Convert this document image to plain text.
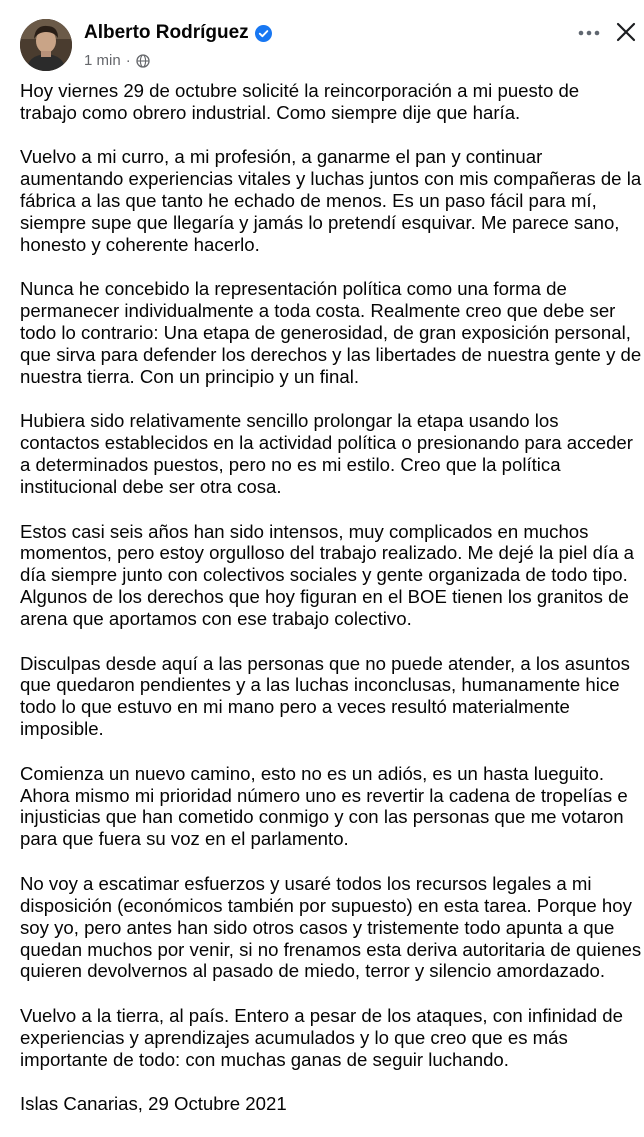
Alberto Rodríguez
1 min ·

Hoy viernes 29 de octubre solicité la reincorporación a mi puesto de
trabajo como obrero industrial. Como siempre dije que haría.

Vuelvo a mi curro, a mi profesión, a ganarme el pan y continuar
aumentando experiencias vitales y luchas juntos con mis compañeras de la
fábrica a las que tanto he echado de menos. Es un paso fácil para mí,
siempre supe que llegaría y jamás lo pretendí esquivar. Me parece sano,
honesto y coherente hacerlo.

Nunca he concebido la representación política como una forma de
permanecer individualmente a toda costa. Realmente creo que debe ser
todo lo contrario: Una etapa de generosidad, de gran exposición personal,
que sirva para defender los derechos y las libertades de nuestra gente y de
nuestra tierra. Con un principio y un final.

Hubiera sido relativamente sencillo prolongar la etapa usando los
contactos establecidos en la actividad política o presionando para acceder
a determinados puestos, pero no es mi estilo. Creo que la política
institucional debe ser otra cosa.

Estos casi seis años han sido intensos, muy complicados en muchos
momentos, pero estoy orgulloso del trabajo realizado. Me dejé la piel día a
día siempre junto con colectivos sociales y gente organizada de todo tipo.
Algunos de los derechos que hoy figuran en el BOE tienen los granitos de
arena que aportamos con ese trabajo colectivo.

Disculpas desde aquí a las personas que no puede atender, a los asuntos
que quedaron pendientes y a las luchas inconclusas, humanamente hice
todo lo que estuvo en mi mano pero a veces resultó materialmente
imposible.

Comienza un nuevo camino, esto no es un adiós, es un hasta lueguito.
Ahora mismo mi prioridad número uno es revertir la cadena de tropelías e
injusticias que han cometido conmigo y con las personas que me votaron
para que fuera su voz en el parlamento.

No voy a escatimar esfuerzos y usaré todos los recursos legales a mi
disposición (económicos también por supuesto) en esta tarea. Porque hoy
soy yo, pero antes han sido otros casos y tristemente todo apunta a que
quedan muchos por venir, si no frenamos esta deriva autoritaria de quienes
quieren devolvernos al pasado de miedo, terror y silencio amordazado.

Vuelvo a la tierra, al país. Entero a pesar de los ataques, con infinidad de
experiencias y aprendizajes acumulados y lo que creo que es más
importante de todo: con muchas ganas de seguir luchando.

Islas Canarias, 29 Octubre 2021
